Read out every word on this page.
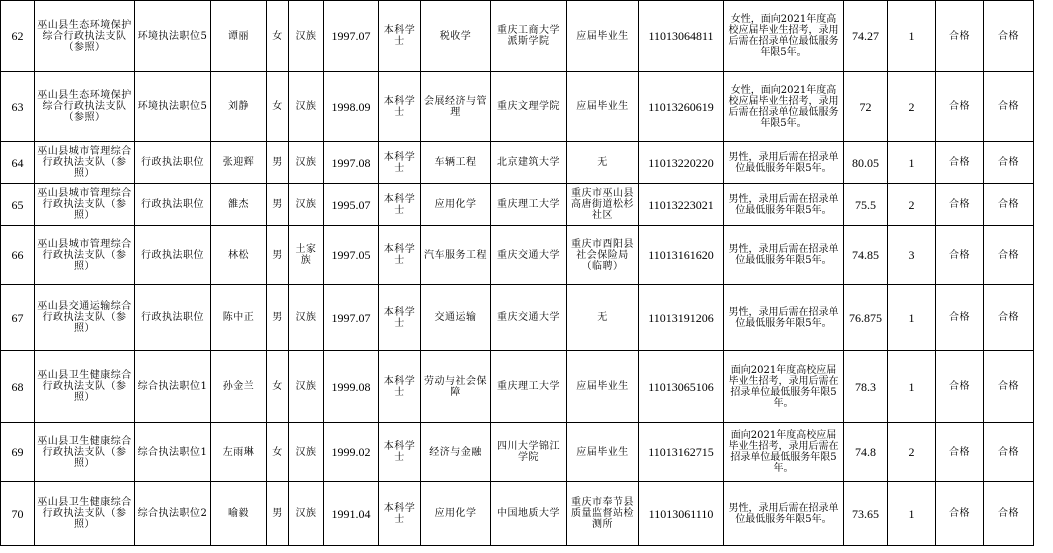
62	巫山县生态环境保护综合行政执法支队（参照）	环境执法职位5	谭丽	女	汉族	1997.07	本科学士	税收学	重庆工商大学派斯学院	应届毕业生	11013064811	女性，面向2021年度高校应届毕业生招考，录用后需在招录单位最低服务年限5年。	74.27	1	合格	合格
63	巫山县生态环境保护综合行政执法支队（参照）	环境执法职位5	刘静	女	汉族	1998.09	本科学士	会展经济与管理	重庆文理学院	应届毕业生	11013260619	女性，面向2021年度高校应届毕业生招考，录用后需在招录单位最低服务年限5年。	72	2	合格	合格
64	巫山县城市管理综合行政执法支队（参照）	行政执法职位	张迎辉	男	汉族	1997.08	本科学士	车辆工程	北京建筑大学	无	11013220220	男性，录用后需在招录单位最低服务年限5年。	80.05	1	合格	合格
65	巫山县城市管理综合行政执法支队（参照）	行政执法职位	雒杰	男	汉族	1995.07	本科学士	应用化学	重庆理工大学	重庆市巫山县高唐街道松杉社区	11013223021	男性，录用后需在招录单位最低服务年限5年。	75.5	2	合格	合格
66	巫山县城市管理综合行政执法支队（参照）	行政执法职位	林松	男	土家族	1997.05	本科学士	汽车服务工程	重庆交通大学	重庆市酉阳县社会保险局（临聘）	11013161620	男性，录用后需在招录单位最低服务年限5年。	74.85	3	合格	合格
67	巫山县交通运输综合行政执法支队（参照）	行政执法职位	陈中正	男	汉族	1997.07	本科学士	交通运输	重庆交通大学	无	11013191206	男性，录用后需在招录单位最低服务年限5年。	76.875	1	合格	合格
68	巫山县卫生健康综合行政执法支队（参照）	综合执法职位1	孙金兰	女	汉族	1999.08	本科学士	劳动与社会保障	重庆理工大学	应届毕业生	11013065106	面向2021年度高校应届毕业生招考，录用后需在招录单位最低服务年限5年。	78.3	1	合格	合格
69	巫山县卫生健康综合行政执法支队（参照）	综合执法职位1	左雨琳	女	汉族	1999.02	本科学士	经济与金融	四川大学锦江学院	应届毕业生	11013162715	面向2021年度高校应届毕业生招考，录用后需在招录单位最低服务年限5年。	74.8	2	合格	合格
70	巫山县卫生健康综合行政执法支队（参照）	综合执法职位2	喻毅	男	汉族	1991.04	本科学士	应用化学	中国地质大学	重庆市奉节县质量监督站检测所	11013061110	男性，录用后需在招录单位最低服务年限5年。	73.65	1	合格	合格
